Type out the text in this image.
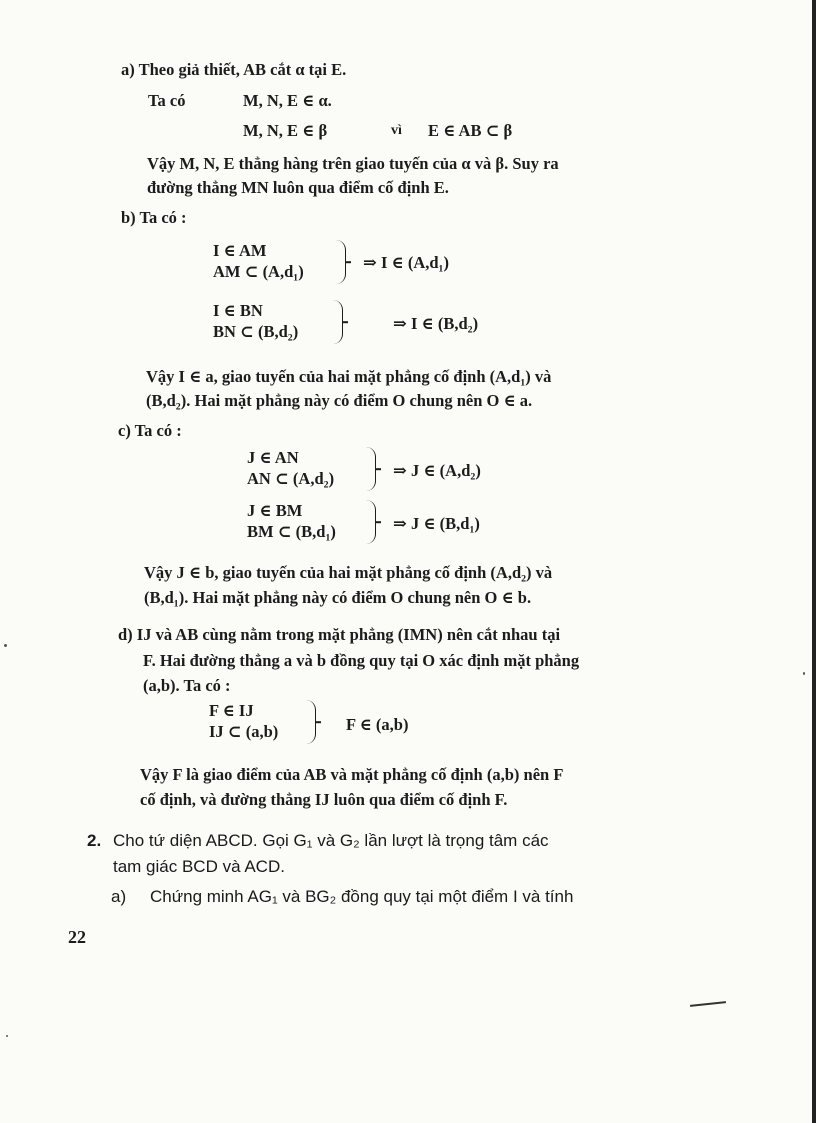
a) Theo giả thiết, AB cắt α tại E.
Ta có	M, N, E ∈ α.
M, N, E ∈ β	vì E ∈ AB ⊂ β
Vậy M, N, E thẳng hàng trên giao tuyến của α và β. Suy ra
đường thẳng MN luôn qua điểm cố định E.
b) Ta có :
I ∈ AM
AM ⊂ (A,d₁)	⇒ I ∈ (A,d₁)
I ∈ BN
BN ⊂ (B,d₂)	⇒ I ∈ (B,d₂)
Vậy I ∈ a, giao tuyến của hai mặt phẳng cố định (A,d₁) và
(B,d₂). Hai mặt phẳng này có điểm O chung nên O ∈ a.
c) Ta có :
J ∈ AN
AN ⊂ (A,d₂)	⇒ J ∈ (A,d₂)
J ∈ BM
BM ⊂ (B,d₁)	⇒ J ∈ (B,d₁)
Vậy J ∈ b, giao tuyến của hai mặt phẳng cố định (A,d₂) và
(B,d₁). Hai mặt phẳng này có điểm O chung nên O ∈ b.
d) IJ và AB cùng nằm trong mặt phẳng (IMN) nên cắt nhau tại
F. Hai đường thẳng a và b đồng quy tại O xác định mặt phẳng
(a,b). Ta có :
F ∈ IJ
IJ ⊂ (a,b)	F ∈ (a,b)
Vậy F là giao điểm của AB và mặt phẳng cố định (a,b) nên F
cố định, và đường thẳng IJ luôn qua điểm cố định F.
2. Cho tứ diện ABCD. Gọi G₁ và G₂ lần lượt là trọng tâm các
tam giác BCD và ACD.
a) Chứng minh AG₁ và BG₂ đồng quy tại một điểm I và tính
22
